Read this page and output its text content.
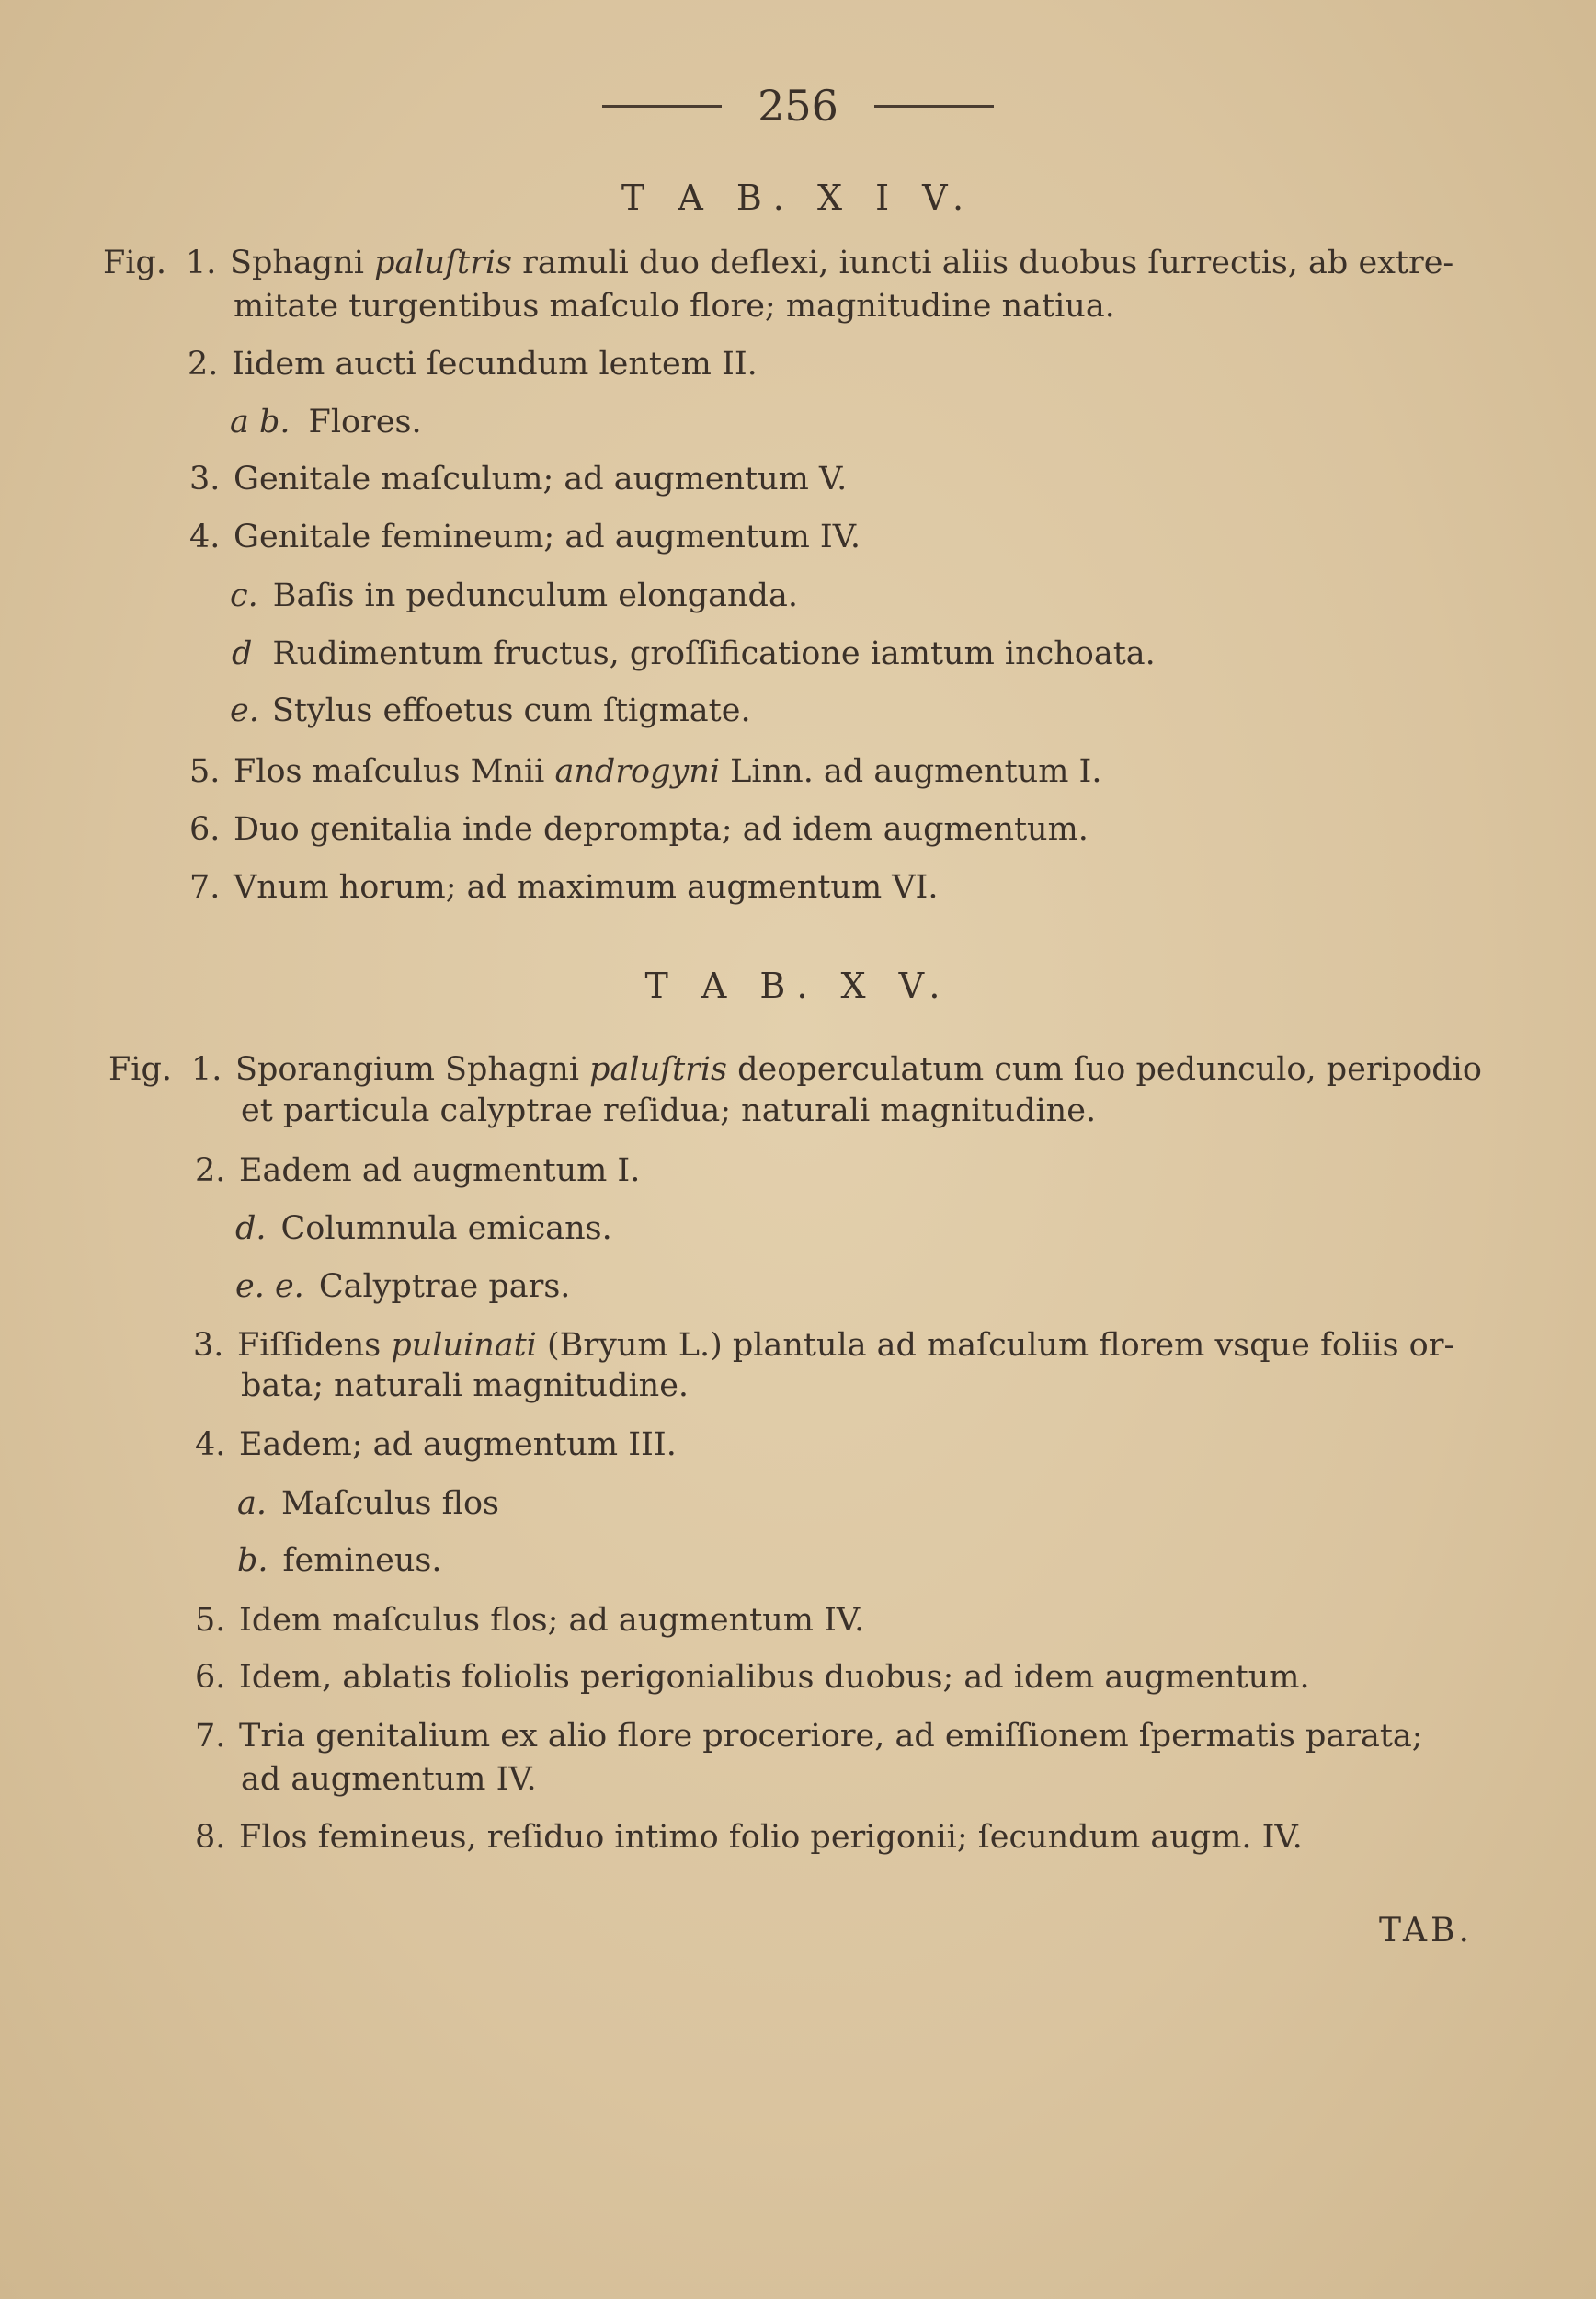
256
T A B. X I V.
Fig. 1. Sphagni paluſtris ramuli duo deflexi, iuncti aliis duobus ſurrectis, ab extre-
mitate turgentibus maſculo flore; magnitudine natiua.
2. Iidem aucti ſecundum lentem II.
a b. Flores.
3. Genitale maſculum; ad augmentum V.
4. Genitale femineum; ad augmentum IV.
c. Baſis in pedunculum elonganda.
d Rudimentum fructus, groſſificatione iamtum inchoata.
e. Stylus effoetus cum ſtigmate.
5. Flos maſculus Mnii androgyni Linn. ad augmentum I.
6. Duo genitalia inde deprompta; ad idem augmentum.
7. Vnum horum; ad maximum augmentum VI.
T A B. X V.
Fig. 1. Sporangium Sphagni paluſtris deoperculatum cum ſuo pedunculo, peripodio
et particula calyptrae reſidua; naturali magnitudine.
2. Eadem ad augmentum I.
d. Columnula emicans.
e. e. Calyptrae pars.
3. Fiſſidens puluinati (Bryum L.) plantula ad maſculum florem vsque foliis or-
bata; naturali magnitudine.
4. Eadem; ad augmentum III.
a. Maſculus flos
b. femineus.
5. Idem maſculus flos; ad augmentum IV.
6. Idem, ablatis foliolis perigonialibus duobus; ad idem augmentum.
7. Tria genitalium ex alio flore proceriore, ad emiſſionem ſpermatis parata;
ad augmentum IV.
8. Flos femineus, reſiduo intimo folio perigonii; ſecundum augm. IV.
TAB.
